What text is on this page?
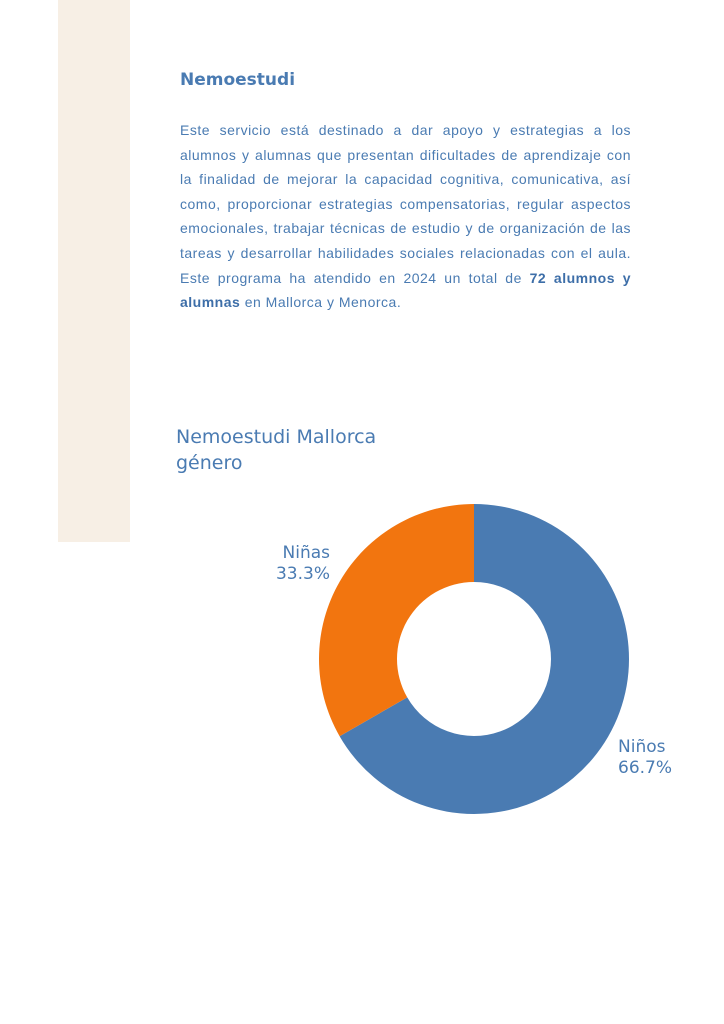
Nemoestudi

Este servicio está destinado a dar apoyo y estrategias a los alumnos y alumnas que presentan dificultades de aprendizaje con la finalidad de mejorar la capacidad cognitiva, comunicativa, así como, proporcionar estrategias compensatorias, regular aspectos emocionales, trabajar técnicas de estudio y de organización de las tareas y desarrollar habilidades sociales relacionadas con el aula. Este programa ha atendido en 2024 un total de 72 alumnos y alumnas en Mallorca y Menorca.

Nemoestudi Mallorca
género
Niños
66.7%
Niñas
33.3%
